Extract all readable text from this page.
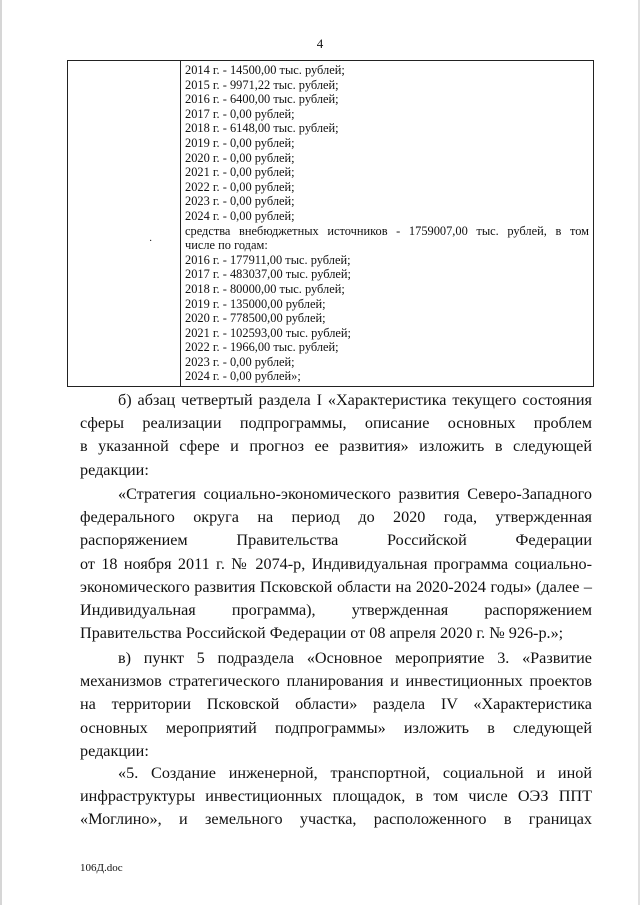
4
·
2014 г. - 14500,00 тыс. рублей;
2015 г. - 9971,22 тыс. рублей;
2016 г. - 6400,00 тыс. рублей;
2017 г. - 0,00 рублей;
2018 г. - 6148,00 тыс. рублей;
2019 г. - 0,00 рублей;
2020 г. - 0,00 рублей;
2021 г. - 0,00 рублей;
2022 г. - 0,00 рублей;
2023 г. - 0,00 рублей;
2024 г. - 0,00 рублей;
средства внебюджетных источников - 1759007,00 тыс. рублей, в том
числе по годам:
2016 г. - 177911,00 тыс. рублей;
2017 г. - 483037,00 тыс. рублей;
2018 г. - 80000,00 тыс. рублей;
2019 г. - 135000,00 рублей;
2020 г. - 778500,00 рублей;
2021 г. - 102593,00 тыс. рублей;
2022 г. - 1966,00 тыс. рублей;
2023 г. - 0,00 рублей;
2024 г. - 0,00 рублей»;

б) абзац четвертый раздела I «Характеристика текущего состояния

сферы реализации подпрограммы, описание основных проблем

в указанной сфере и прогноз ее развития» изложить в следующей

редакции:

«Стратегия социально-экономического развития Северо-Западного

федерального округа на период до 2020 года, утвержденная

распоряжением Правительства Российской Федерации

от 18 ноября 2011 г. № 2074-р, Индивидуальная программа социально-

экономического развития Псковской области на 2020-2024 годы» (далее –

Индивидуальная программа), утвержденная распоряжением

Правительства Российской Федерации от 08 апреля 2020 г. № 926-р.»;

в) пункт 5 подраздела «Основное мероприятие 3. «Развитие

механизмов стратегического планирования и инвестиционных проектов

на территории Псковской области» раздела IV «Характеристика

основных мероприятий подпрограммы» изложить в следующей

редакции:

«5. Создание инженерной, транспортной, социальной и иной

инфраструктуры инвестиционных площадок, в том числе ОЭЗ ППТ

«Моглино», и земельного участка, расположенного в границах

106Д.doc
